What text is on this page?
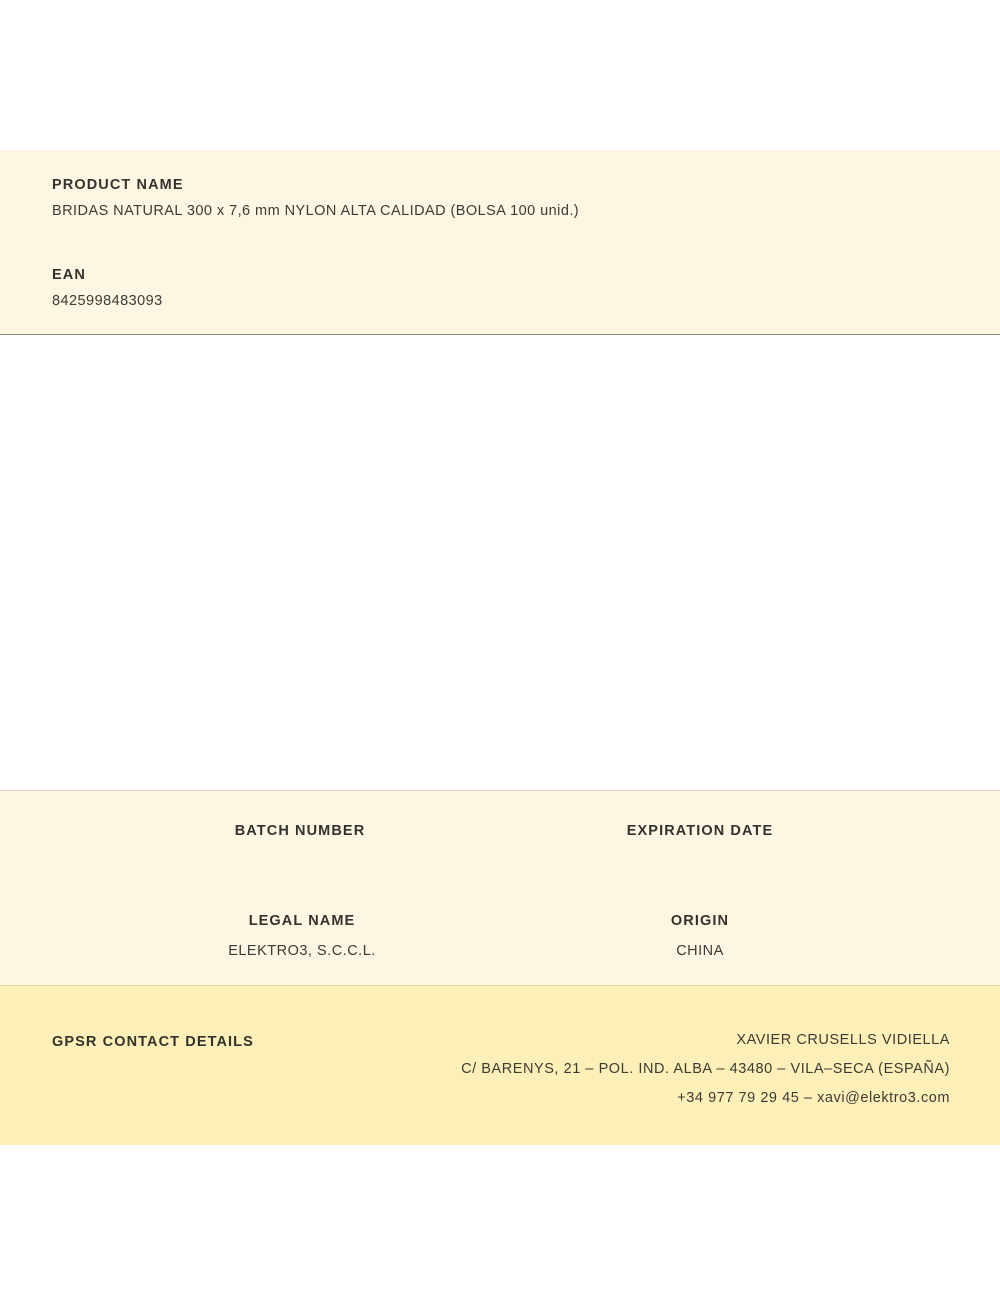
PRODUCT NAME

BRIDAS NATURAL 300 x 7,6 mm NYLON ALTA CALIDAD (BOLSA 100 unid.)

EAN

8425998483093

BATCH NUMBER	EXPIRATION DATE

LEGAL NAME

ELEKTRO3, S.C.C.L.

ORIGIN

CHINA

GPSR CONTACT DETAILS	XAVIER CRUSELLS VIDIELLA

C/ BARENYS, 21 – POL. IND. ALBA – 43480 – VILA–SECA (ESPAÑA)

+34 977 79 29 45 – xavi@elektro3.com
